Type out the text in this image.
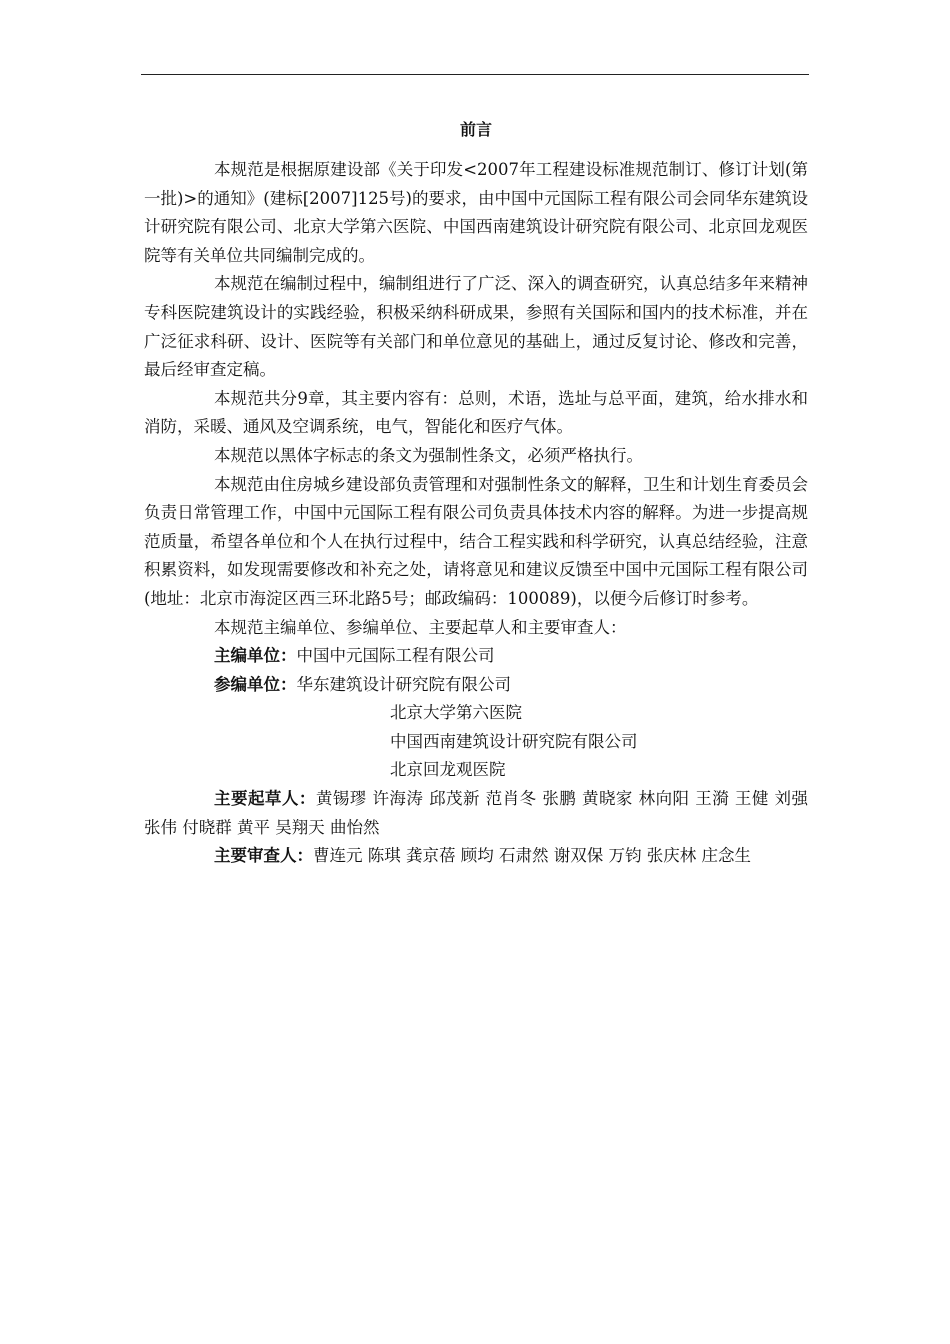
前言

本规范是根据原建设部《关于印发<2007年工程建设标准规范制订、修订计划(第一批)>的通知》(建标[2007]125号)的要求，由中国中元国际工程有限公司会同华东建筑设计研究院有限公司、北京大学第六医院、中国西南建筑设计研究院有限公司、北京回龙观医院等有关单位共同编制完成的。

本规范在编制过程中，编制组进行了广泛、深入的调查研究，认真总结多年来精神专科医院建筑设计的实践经验，积极采纳科研成果，参照有关国际和国内的技术标准，并在广泛征求科研、设计、医院等有关部门和单位意见的基础上，通过反复讨论、修改和完善，最后经审查定稿。

本规范共分9章，其主要内容有：总则，术语，选址与总平面，建筑，给水排水和消防，采暖、通风及空调系统，电气，智能化和医疗气体。

本规范以黑体字标志的条文为强制性条文，必须严格执行。

本规范由住房城乡建设部负责管理和对强制性条文的解释，卫生和计划生育委员会负责日常管理工作，中国中元国际工程有限公司负责具体技术内容的解释。为进一步提高规范质量，希望各单位和个人在执行过程中，结合工程实践和科学研究，认真总结经验，注意积累资料，如发现需要修改和补充之处，请将意见和建议反馈至中国中元国际工程有限公司(地址：北京市海淀区西三环北路5号；邮政编码：100089)，以便今后修订时参考。

本规范主编单位、参编单位、主要起草人和主要审查人：

主编单位：中国中元国际工程有限公司

参编单位：华东建筑设计研究院有限公司

北京大学第六医院

中国西南建筑设计研究院有限公司

北京回龙观医院

主要起草人：黄锡璆 许海涛 邱茂新 范肖冬 张鹏 黄晓家 林向阳 王漪 王健 刘强 张伟 付晓群 黄平 吴翔天 曲怡然

主要审查人：曹连元 陈琪 龚京蓓 顾均 石肃然 谢双保 万钧 张庆林 庄念生
